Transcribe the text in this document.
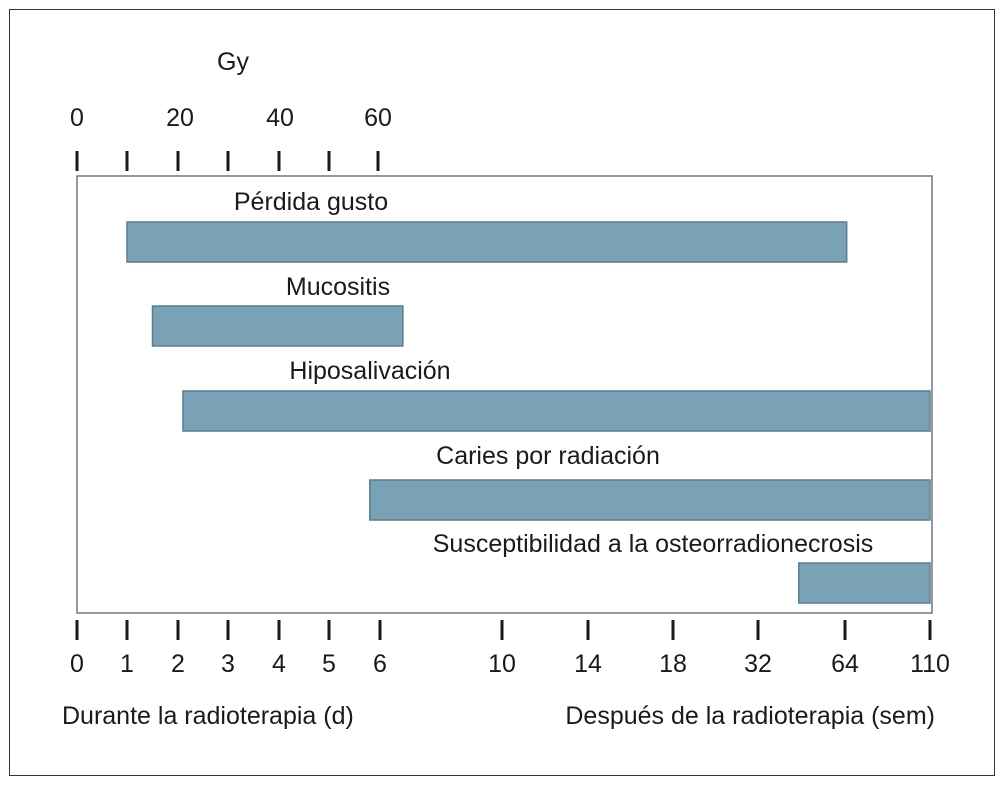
Gy
0	20	40	60
Pérdida gusto
Mucositis
Hiposalivación
Caries por radiación
Susceptibilidad a la osteorradionecrosis
0 1 2 3 4 5 6	10 14 18 32 64 110
Durante la radioterapia (d)	Después de la radioterapia (sem)
